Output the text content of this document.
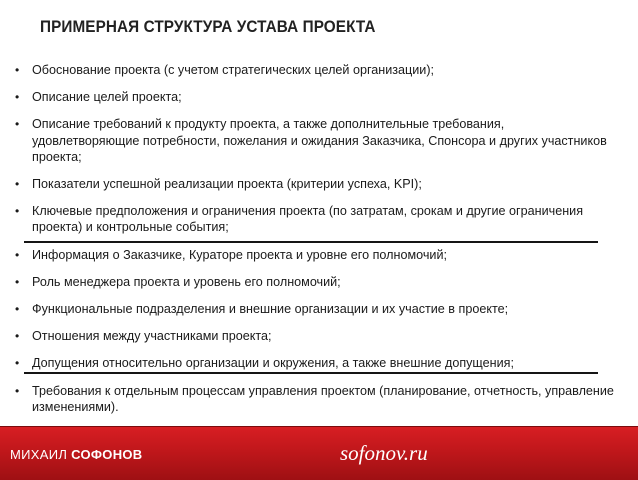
ПРИМЕРНАЯ СТРУКТУРА УСТАВА ПРОЕКТА
• Обоснование проекта (с учетом стратегических целей организации);
• Описание целей проекта;
• Описание требований к продукту проекта, а также дополнительные требования, удовлетворяющие потребности, пожелания и ожидания Заказчика, Спонсора и других участников проекта;
• Показатели успешной реализации проекта (критерии успеха, KPI);
• Ключевые предположения и ограничения проекта (по затратам, срокам и другие ограничения проекта) и контрольные события;
• Информация о Заказчике, Кураторе проекта и уровне его полномочий;
• Роль менеджера проекта и уровень его полномочий;
• Функциональные подразделения и внешние организации и их участие в проекте;
• Отношения между участниками проекта;
• Допущения относительно организации и окружения, а также внешние допущения;
• Требования к отдельным процессам управления проектом (планирование, отчетность, управление изменениями).
МИХАИЛ СОФОНОВ	sofonov.ru
